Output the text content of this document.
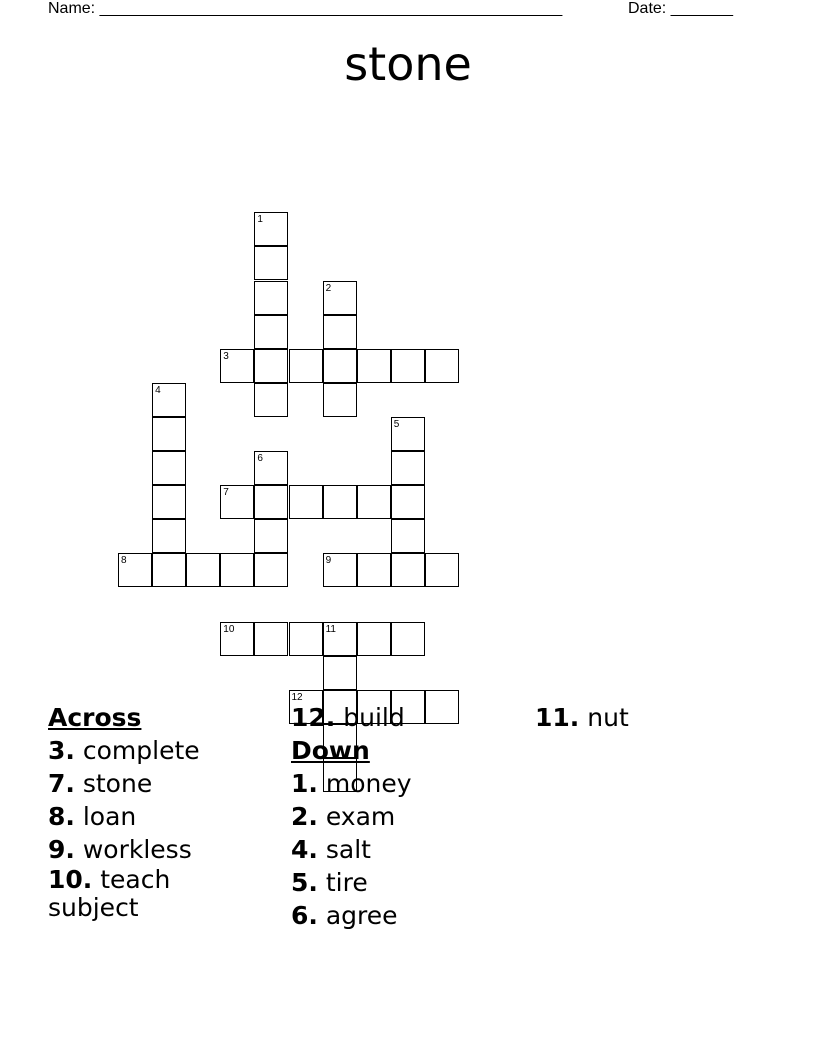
Name: ____________________________________________________	Date: _______
stone
1
2
3
4
5
6
7
8	9
10	11
12
Across
3. complete
7. stone
8. loan
9. workless
10. teach subject
12. build
Down
1. money
2. exam
4. salt
5. tire
6. agree
11. nut
